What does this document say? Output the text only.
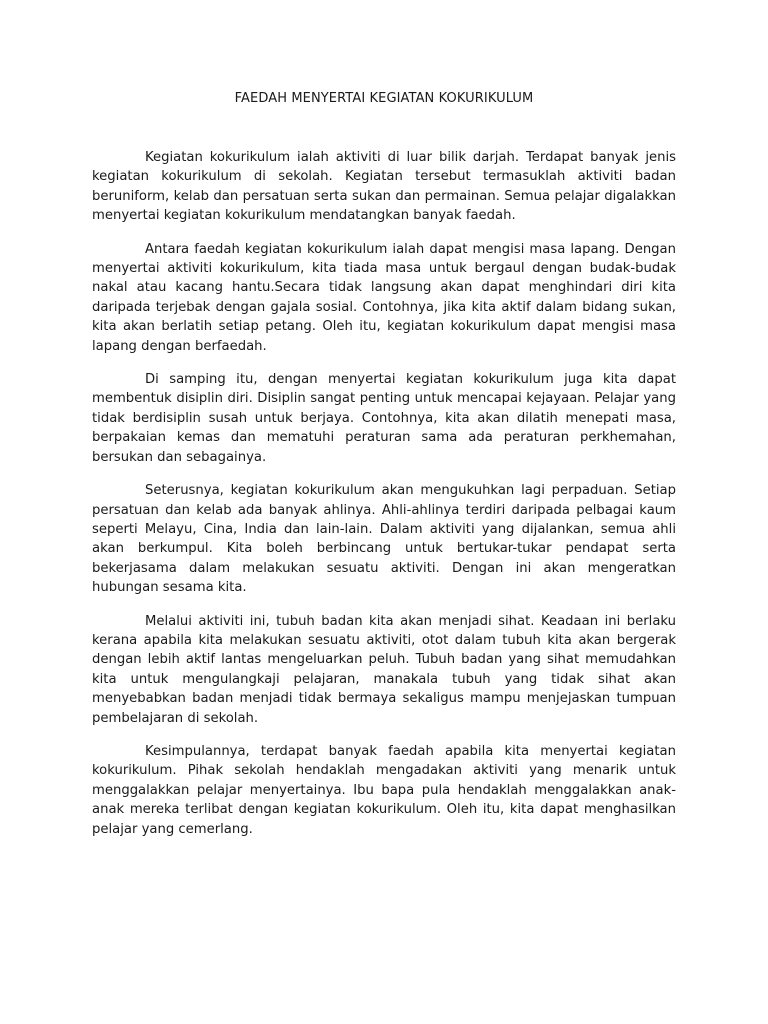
FAEDAH MENYERTAI KEGIATAN KOKURIKULUM

Kegiatan kokurikulum ialah aktiviti di luar bilik darjah. Terdapat banyak jenis kegiatan kokurikulum di sekolah. Kegiatan tersebut termasuklah aktiviti badan beruniform, kelab dan persatuan serta sukan dan permainan. Semua pelajar digalakkan menyertai kegiatan kokurikulum mendatangkan banyak faedah.

Antara faedah kegiatan kokurikulum ialah dapat mengisi masa lapang. Dengan menyertai aktiviti kokurikulum, kita tiada masa untuk bergaul dengan budak-budak nakal atau kacang hantu.Secara tidak langsung akan dapat menghindari diri kita daripada terjebak dengan gajala sosial. Contohnya, jika kita aktif dalam bidang sukan, kita akan berlatih setiap petang. Oleh itu, kegiatan kokurikulum dapat mengisi masa lapang dengan berfaedah.

Di samping itu, dengan menyertai kegiatan kokurikulum juga kita dapat membentuk disiplin diri. Disiplin sangat penting untuk mencapai kejayaan. Pelajar yang tidak berdisiplin susah untuk berjaya. Contohnya, kita akan dilatih menepati masa, berpakaian kemas dan mematuhi peraturan sama ada peraturan perkhemahan, bersukan dan sebagainya.

Seterusnya, kegiatan kokurikulum akan mengukuhkan lagi perpaduan. Setiap persatuan dan kelab ada banyak ahlinya. Ahli-ahlinya terdiri daripada pelbagai kaum seperti Melayu, Cina, India dan lain-lain. Dalam aktiviti yang dijalankan, semua ahli akan berkumpul. Kita boleh berbincang untuk bertukar-tukar pendapat serta bekerjasama dalam melakukan sesuatu aktiviti. Dengan ini akan mengeratkan hubungan sesama kita.

Melalui aktiviti ini, tubuh badan kita akan menjadi sihat. Keadaan ini berlaku kerana apabila kita melakukan sesuatu aktiviti, otot dalam tubuh kita akan bergerak dengan lebih aktif lantas mengeluarkan peluh. Tubuh badan yang sihat memudahkan kita untuk mengulangkaji pelajaran, manakala tubuh yang tidak sihat akan menyebabkan badan menjadi tidak bermaya sekaligus mampu menjejaskan tumpuan pembelajaran di sekolah.

Kesimpulannya, terdapat banyak faedah apabila kita menyertai kegiatan kokurikulum. Pihak sekolah hendaklah mengadakan aktiviti yang menarik untuk menggalakkan pelajar menyertainya. Ibu bapa pula hendaklah menggalakkan anak-anak mereka terlibat dengan kegiatan kokurikulum. Oleh itu, kita dapat menghasilkan pelajar yang cemerlang.
